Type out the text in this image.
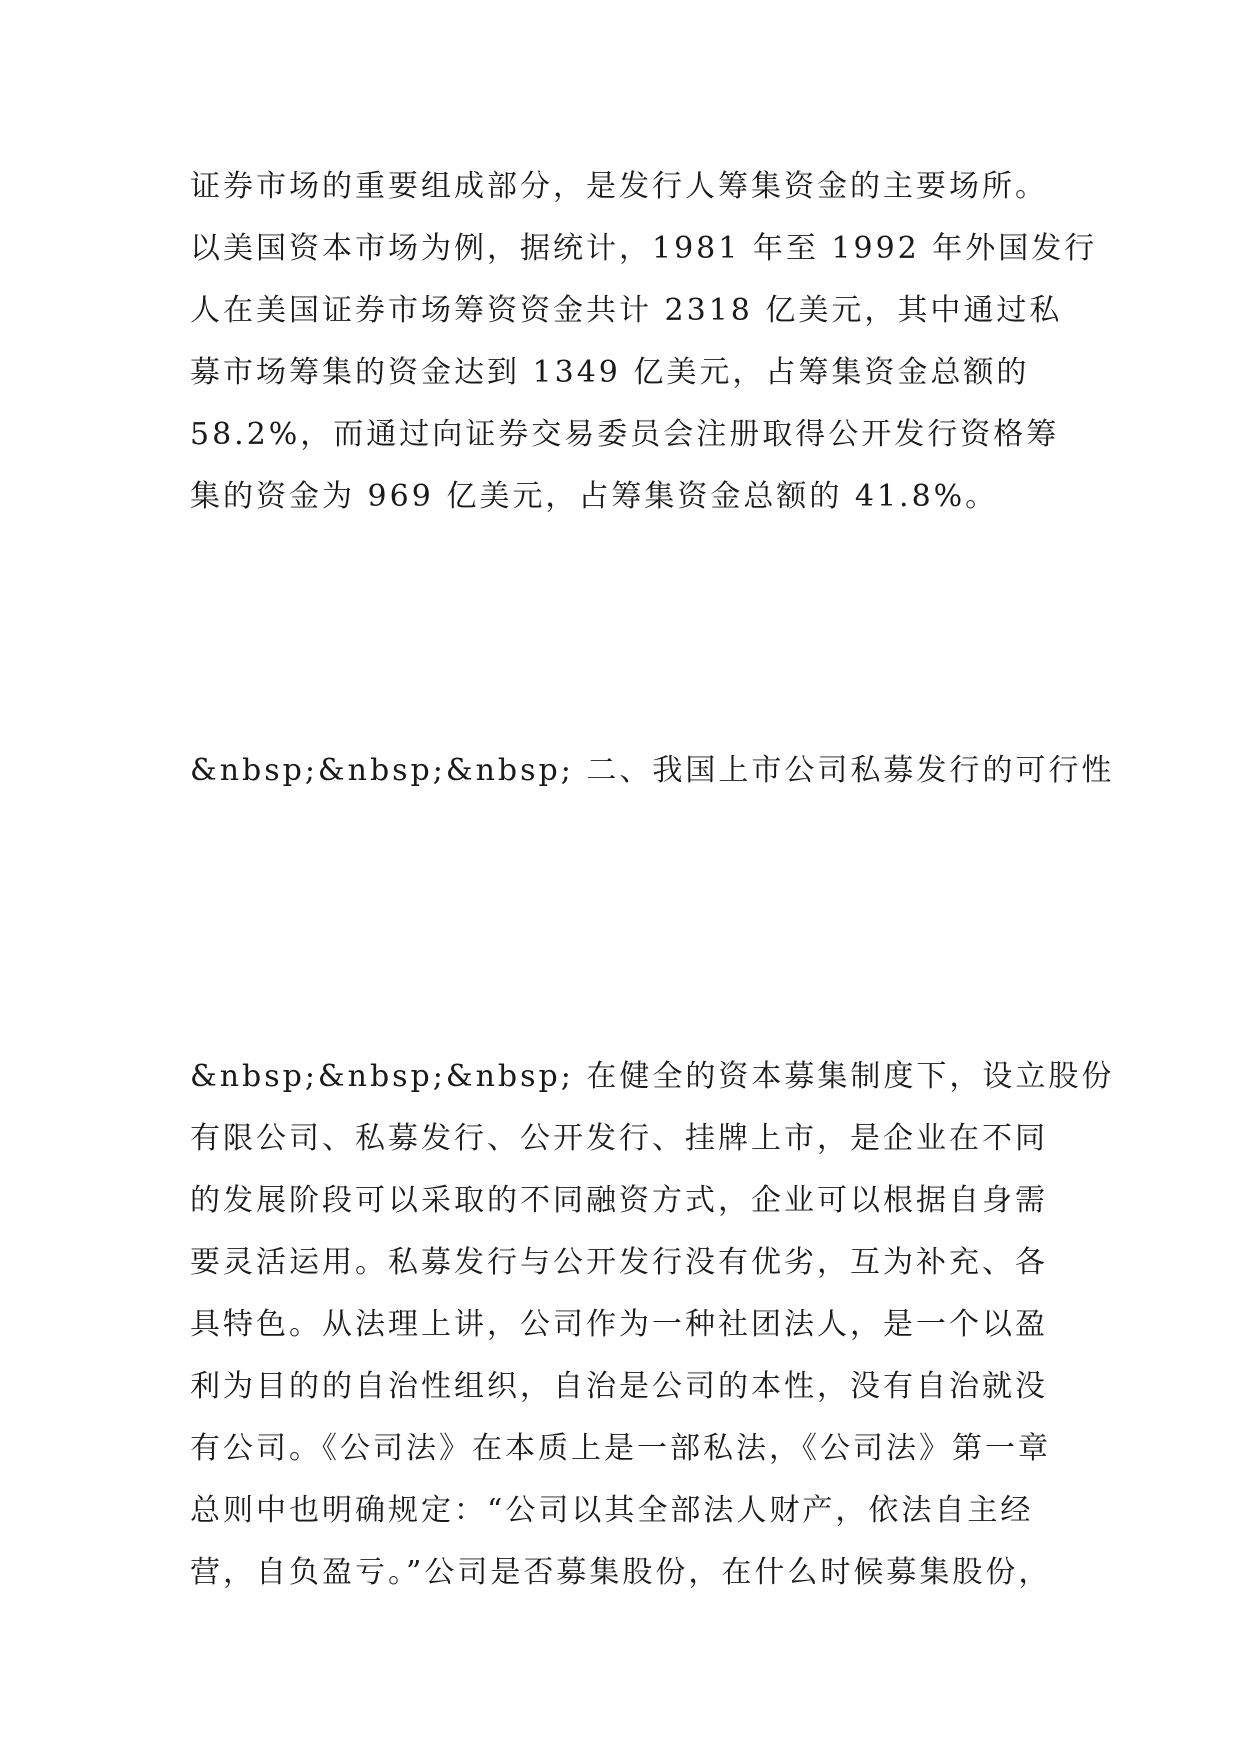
证券市场的重要组成部分，是发行人筹集资金的主要场所。
以美国资本市场为例，据统计，1981 年至 1992 年外国发行
人在美国证券市场筹资资金共计 2318 亿美元，其中通过私
募市场筹集的资金达到 1349 亿美元，占筹集资金总额的
58.2%，而通过向证券交易委员会注册取得公开发行资格筹
集的资金为 969 亿美元，占筹集资金总额的 41.8%。
&nbsp;&nbsp;&nbsp; 二、我国上市公司私募发行的可行性
&nbsp;&nbsp;&nbsp; 在健全的资本募集制度下，设立股份
有限公司、私募发行、公开发行、挂牌上市，是企业在不同
的发展阶段可以采取的不同融资方式，企业可以根据自身需
要灵活运用。私募发行与公开发行没有优劣，互为补充、各
具特色。从法理上讲，公司作为一种社团法人，是一个以盈
利为目的的自治性组织，自治是公司的本性，没有自治就没
有公司。《公司法》在本质上是一部私法，《公司法》第一章
总则中也明确规定：“公司以其全部法人财产，依法自主经
营，自负盈亏。”公司是否募集股份，在什么时候募集股份，
